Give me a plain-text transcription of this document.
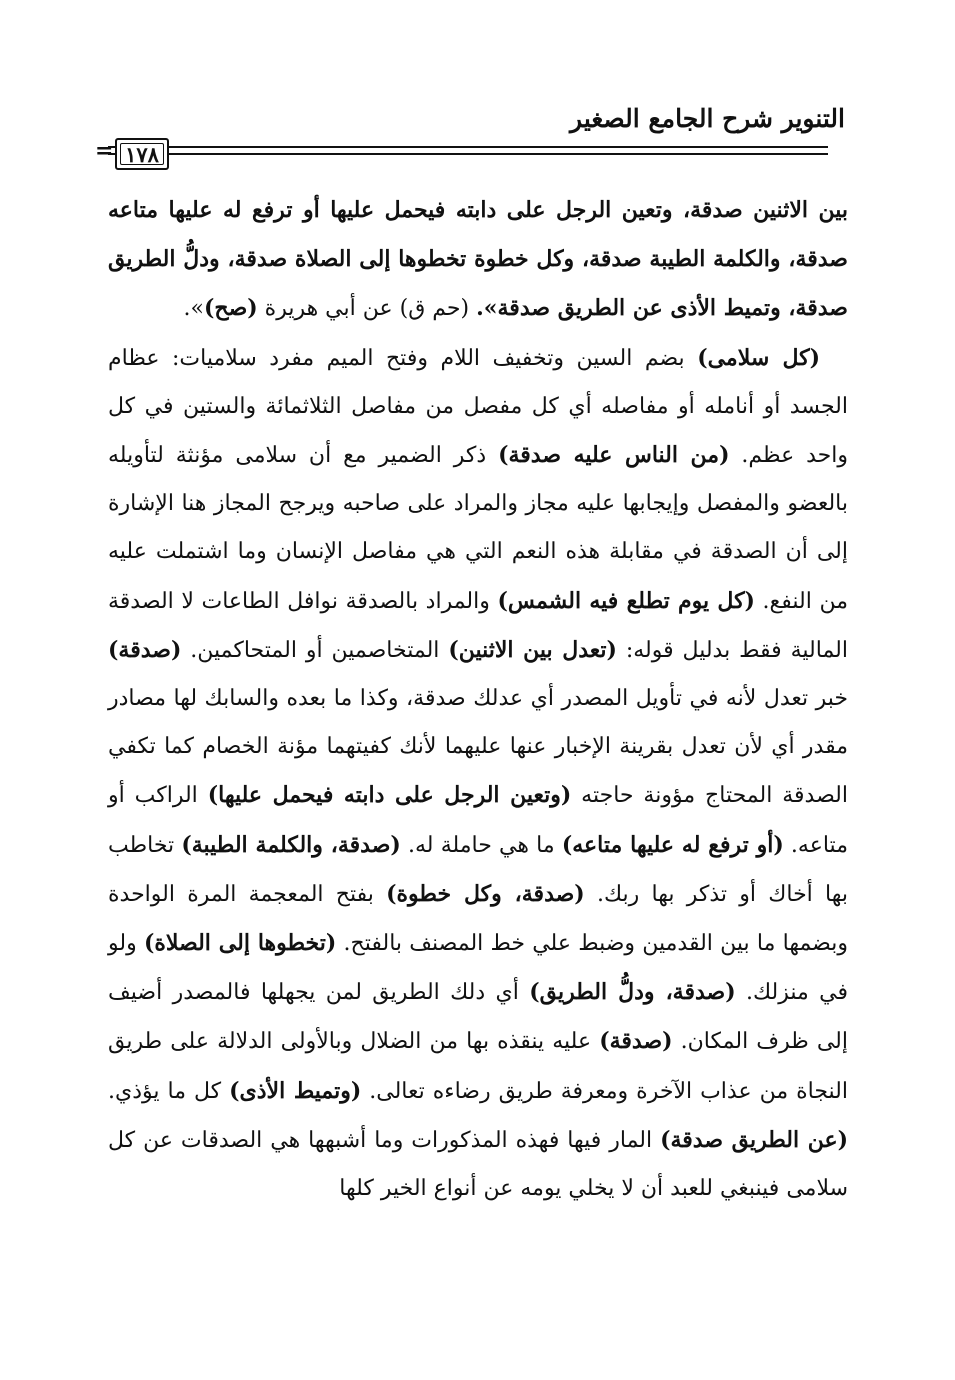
التنوير شرح الجامع الصغير
١٧٨
=

بين الاثنين صدقة، وتعين الرجل على دابته فيحمل عليها أو ترفع له عليها متاعه صدقة، والكلمة الطيبة صدقة، وكل خطوة تخطوها إلى الصلاة صدقة، ودلُّ الطريق صدقة، وتميط الأذى عن الطريق صدقة». (حم ق) عن أبي هريرة (صح)».

(كل سلامى) بضم السين وتخفيف اللام وفتح الميم مفرد سلاميات: عظام الجسد أو أنامله أو مفاصله أي كل مفصل من مفاصل الثلاثمائة والستين في كل واحد عظم. (من الناس عليه صدقة) ذكر الضمير مع أن سلامى مؤنثة لتأويله بالعضو والمفصل وإيجابها عليه مجاز والمراد على صاحبه ويرجح المجاز هنا الإشارة إلى أن الصدقة في مقابلة هذه النعم التي هي مفاصل الإنسان وما اشتملت عليه من النفع. (كل يوم تطلع فيه الشمس) والمراد بالصدقة نوافل الطاعات لا الصدقة المالية فقط بدليل قوله: (تعدل بين الاثنين) المتخاصمين أو المتحاكمين. (صدقة) خبر تعدل لأنه في تأويل المصدر أي عدلك صدقة، وكذا ما بعده والسابك لها مصادر مقدر أي لأن تعدل بقرينة الإخبار عنها عليهما لأنك كفيتهما مؤنة الخصام كما تكفي الصدقة المحتاج مؤونة حاجته (وتعين الرجل على دابته فيحمل عليها) الراكب أو متاعه. (أو ترفع له عليها متاعه) ما هي حاملة له. (صدقة، والكلمة الطيبة) تخاطب بها أخاك أو تذكر بها ربك. (صدقة، وكل خطوة) بفتح المعجمة المرة الواحدة وبضمها ما بين القدمين وضبط علي خط المصنف بالفتح. (تخطوها إلى الصلاة) ولو في منزلك. (صدقة، ودلُّ الطريق) أي دلك الطريق لمن يجهلها فالمصدر أضيف إلى ظرف المكان. (صدقة) عليه ينقذه بها من الضلال وبالأولى الدلالة على طريق النجاة من عذاب الآخرة ومعرفة طريق رضاءه تعالى. (وتميط الأذى) كل ما يؤذي. (عن الطريق صدقة) المار فيها فهذه المذكورات وما أشبهها هي الصدقات عن كل سلامى فينبغي للعبد أن لا يخلي يومه عن أنواع الخير كلها
